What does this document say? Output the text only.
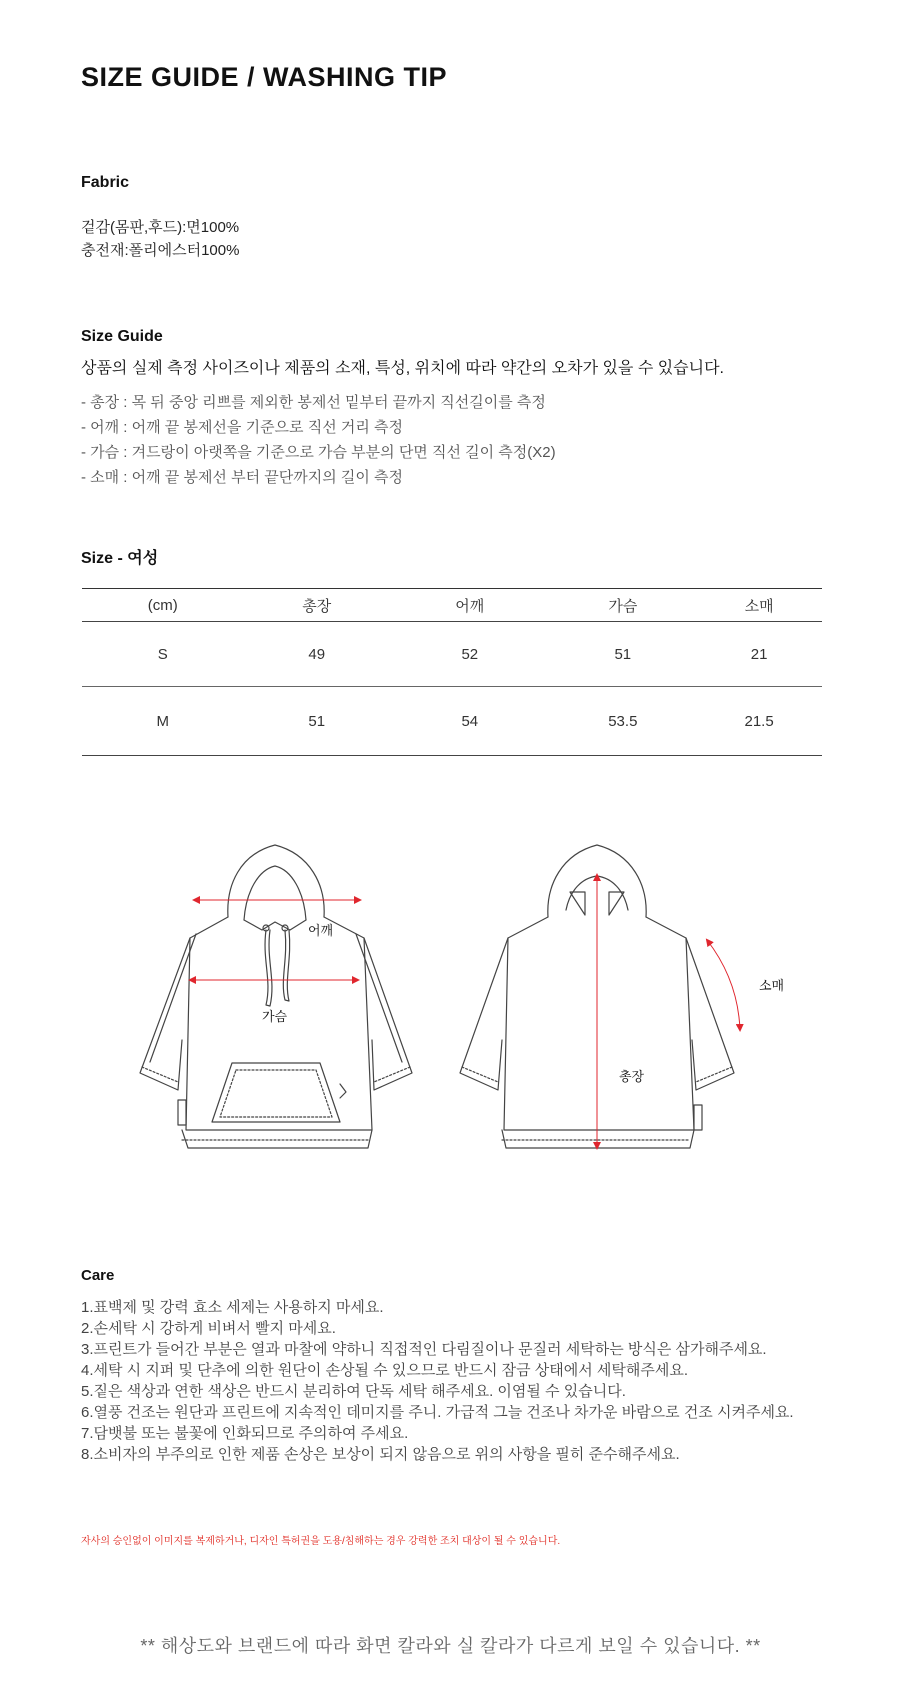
SIZE GUIDE / WASHING TIP
Fabric
겉감(몸판,후드):면100%
충전재:폴리에스터100%
Size Guide
상품의 실제 측정 사이즈이나 제품의 소재, 특성, 위치에 따라 약간의 오차가 있을 수 있습니다.
- 총장 : 목 뒤 중앙 리쁘를 제외한 봉제선 밑부터 끝까지 직선길이를 측정
- 어깨 : 어깨 끝 봉제선을 기준으로 직선 거리 측정
- 가슴 : 겨드랑이 아랫쪽을 기준으로 가슴 부분의 단면 직선 길이 측정(X2)
- 소매 : 어깨 끝 봉제선 부터 끝단까지의 길이 측정
Size - 여성
(cm)	총장	어깨	가슴	소매
S	49	52	51	21
M	51	54	53.5	21.5
어깨
가슴
소매
총장
Care
1.표백제 및 강력 효소 세제는 사용하지 마세요.
2.손세탁 시 강하게 비벼서 빨지 마세요.
3.프린트가 들어간 부분은 열과 마찰에 약하니 직접적인 다림질이나 문질러 세탁하는 방식은 삼가해주세요.
4.세탁 시 지퍼 및 단추에 의한 원단이 손상될 수 있으므로 반드시 잠금 상태에서 세탁해주세요.
5.짙은 색상과 연한 색상은 반드시 분리하여 단독 세탁 해주세요. 이염될 수 있습니다.
6.열풍 건조는 원단과 프린트에 지속적인 데미지를 주니. 가급적 그늘 건조나 차가운 바람으로 건조 시켜주세요.
7.담뱃불 또는 불꽃에 인화되므로 주의하여 주세요.
8.소비자의 부주의로 인한 제품 손상은 보상이 되지 않음으로 위의 사항을 필히 준수해주세요.
자사의 승인없이 이미지를 복제하거나, 디자인 특허권을 도용/침해하는 경우 강력한 조치 대상이 될 수 있습니다.
** 해상도와 브랜드에 따라 화면 칼라와 실 칼라가 다르게 보일 수 있습니다. **
